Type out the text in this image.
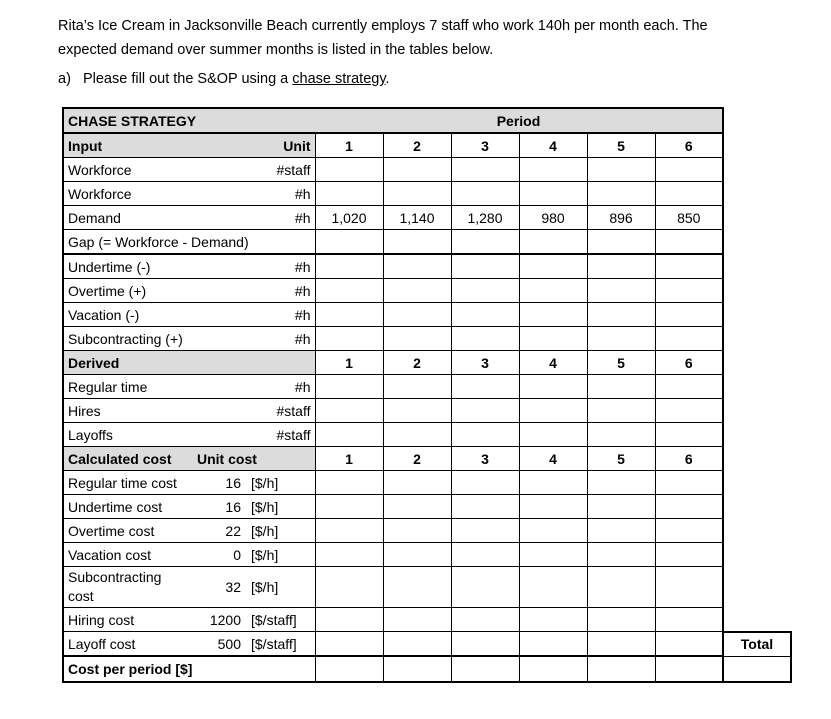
Rita’s Ice Cream in Jacksonville Beach currently employs 7 staff who work 140h per month each. The
expected demand over summer months is listed in the tables below.
a)   Please fill out the S&OP using a chase strategy.
CHASE STRATEGY		Period						
Input	Unit	1	2	3	4	5	6	
Workforce	#staff							
Workforce	#h							
Demand	#h	1,020	1,140	1,280	980	896	850	
Gap (= Workforce - Demand)								
Undertime (-)	#h							
Overtime (+)	#h							
Vacation (-)	#h							
Subcontracting (+)	#h							
Derived		1	2	3	4	5	6	
Regular time	#h							
Hires	#staff							
Layoffs	#staff							
Calculated cost	Unit cost	1	2	3	4	5	6	
Regular time cost	16 [$/h]							
Undertime cost	16 [$/h]							
Overtime cost	22 [$/h]							
Vacation cost	0 [$/h]							

Subcontracting
cost	32 [$/h]							
Hiring cost	1200 [$/staff]							
Layoff cost	500 [$/staff]							Total
Cost per period [$]								
